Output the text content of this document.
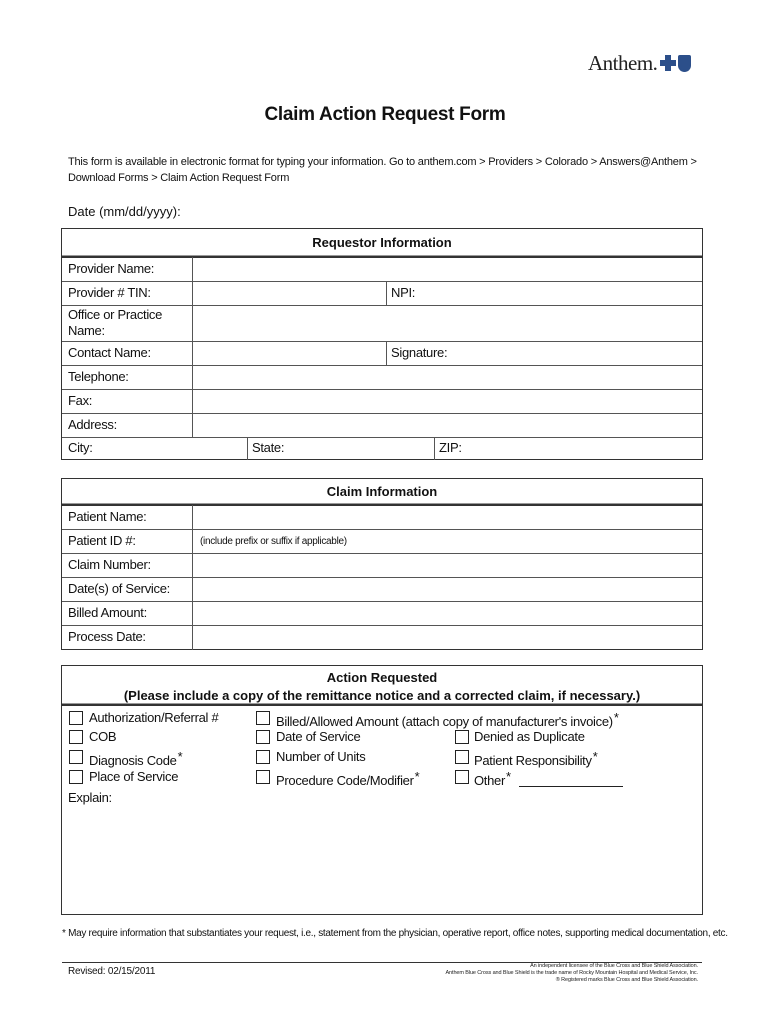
Anthem.
Claim Action Request Form
This form is available in electronic format for typing your information. Go to anthem.com > Providers > Colorado > Answers@Anthem > Download Forms > Claim Action Request Form
Date (mm/dd/yyyy):
Requestor Information
Provider Name:
Provider # TIN:	NPI:
Office or Practice Name:
Contact Name:	Signature:
Telephone:
Fax:
Address:
City:	State:	ZIP:
Claim Information
Patient Name:
Patient ID #:	(include prefix or suffix if applicable)
Claim Number:
Date(s) of Service:
Billed Amount:
Process Date:
Action Requested
(Please include a copy of the remittance notice and a corrected claim, if necessary.)
Authorization/Referral #
COB
Diagnosis Code*
Place of Service
Billed/Allowed Amount (attach copy of manufacturer's invoice)*
Date of Service
Number of Units
Procedure Code/Modifier*
Denied as Duplicate
Patient Responsibility*
Other*
Explain:
* May require information that substantiates your request, i.e., statement from the physician, operative report, office notes, supporting medical documentation, etc.
Revised: 02/15/2011	An independent licensee of the Blue Cross and Blue Shield Association.
Anthem Blue Cross and Blue Shield is the trade name of Rocky Mountain Hospital and Medical Service, Inc.
® Registered marks Blue Cross and Blue Shield Association.
